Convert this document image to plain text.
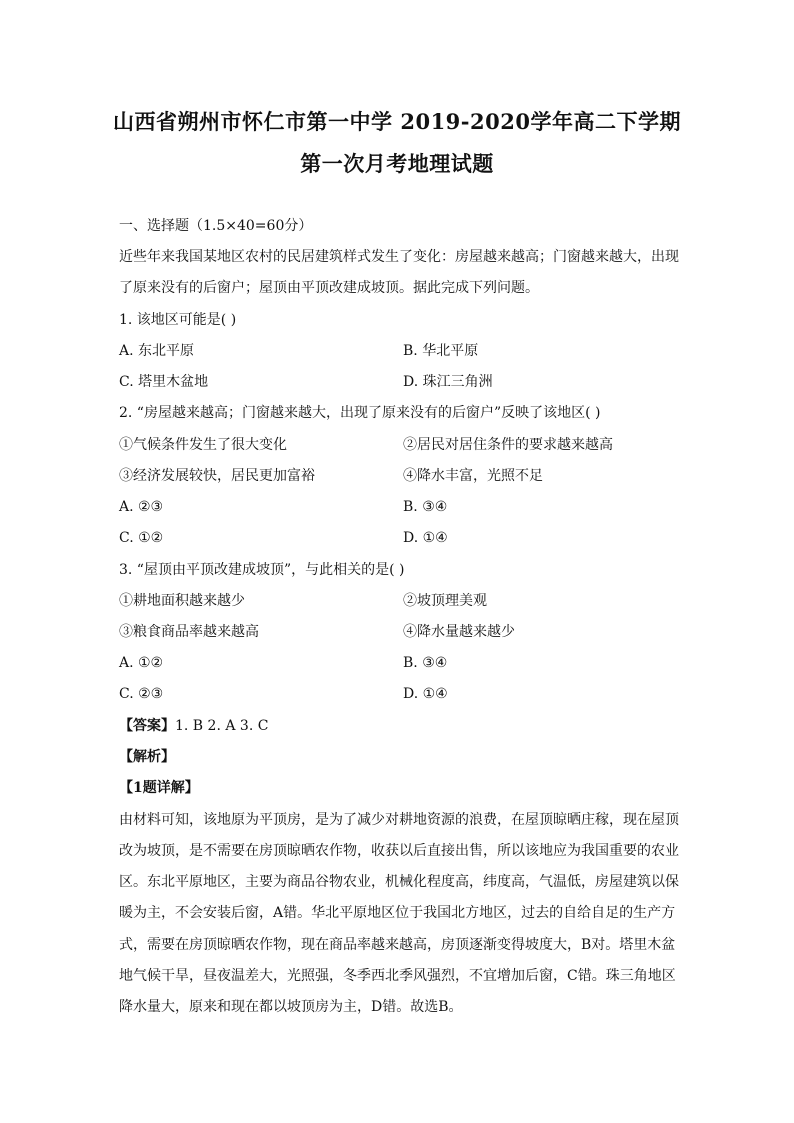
山西省朔州市怀仁市第一中学 2019-2020学年高二下学期
第一次月考地理试题
一、选择题（1.5×40=60分）
近些年来我国某地区农村的民居建筑样式发生了变化：房屋越来越高；门窗越来越大，出现
了原来没有的后窗户；屋顶由平顶改建成坡顶。据此完成下列问题。
1. 该地区可能是( )
A. 东北平原	B. 华北平原
C. 塔里木盆地	D. 珠江三角洲
2. “房屋越来越高；门窗越来越大，出现了原来没有的后窗户”反映了该地区( )
①气候条件发生了很大变化	②居民对居住条件的要求越来越高
③经济发展较快，居民更加富裕	④降水丰富，光照不足
A. ②③	B. ③④
C. ①②	D. ①④
3. “屋顶由平顶改建成坡顶”，与此相关的是( )
①耕地面积越来越少	②坡顶理美观
③粮食商品率越来越高	④降水量越来越少
A. ①②	B. ③④
C. ②③	D. ①④
【答案】1. B 2. A 3. C
【解析】
【1题详解】
由材料可知，该地原为平顶房，是为了减少对耕地资源的浪费，在屋顶晾晒庄稼，现在屋顶
改为坡顶，是不需要在房顶晾晒农作物，收获以后直接出售，所以该地应为我国重要的农业
区。东北平原地区，主要为商品谷物农业，机械化程度高，纬度高，气温低，房屋建筑以保
暖为主，不会安装后窗，A错。华北平原地区位于我国北方地区，过去的自给自足的生产方
式，需要在房顶晾晒农作物，现在商品率越来越高，房顶逐渐变得坡度大，B对。塔里木盆
地气候干旱，昼夜温差大，光照强，冬季西北季风强烈，不宜增加后窗，C错。珠三角地区
降水量大，原来和现在都以坡顶房为主，D错。故选B。
